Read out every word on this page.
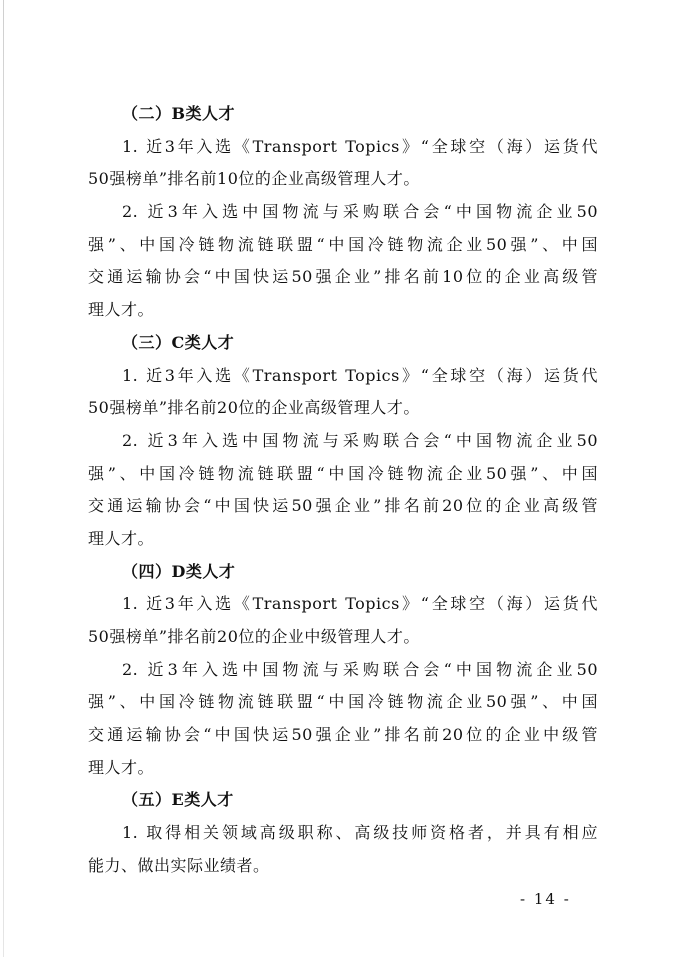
（二）B类人才
1. 近3年入选《Transport Topics》“全球空（海）运货代
50强榜单”排名前10位的企业高级管理人才。
2. 近3年入选中国物流与采购联合会“中国物流企业50
强”、中国冷链物流链联盟“中国冷链物流企业50强”、中国
交通运输协会“中国快运50强企业”排名前10位的企业高级管
理人才。
（三）C类人才
1. 近3年入选《Transport Topics》“全球空（海）运货代
50强榜单”排名前20位的企业高级管理人才。
2. 近3年入选中国物流与采购联合会“中国物流企业50
强”、中国冷链物流链联盟“中国冷链物流企业50强”、中国
交通运输协会“中国快运50强企业”排名前20位的企业高级管
理人才。
（四）D类人才
1. 近3年入选《Transport Topics》“全球空（海）运货代
50强榜单”排名前20位的企业中级管理人才。
2. 近3年入选中国物流与采购联合会“中国物流企业50
强”、中国冷链物流链联盟“中国冷链物流企业50强”、中国
交通运输协会“中国快运50强企业”排名前20位的企业中级管
理人才。
（五）E类人才
1. 取得相关领域高级职称、高级技师资格者，并具有相应
能力、做出实际业绩者。
- 14 -
